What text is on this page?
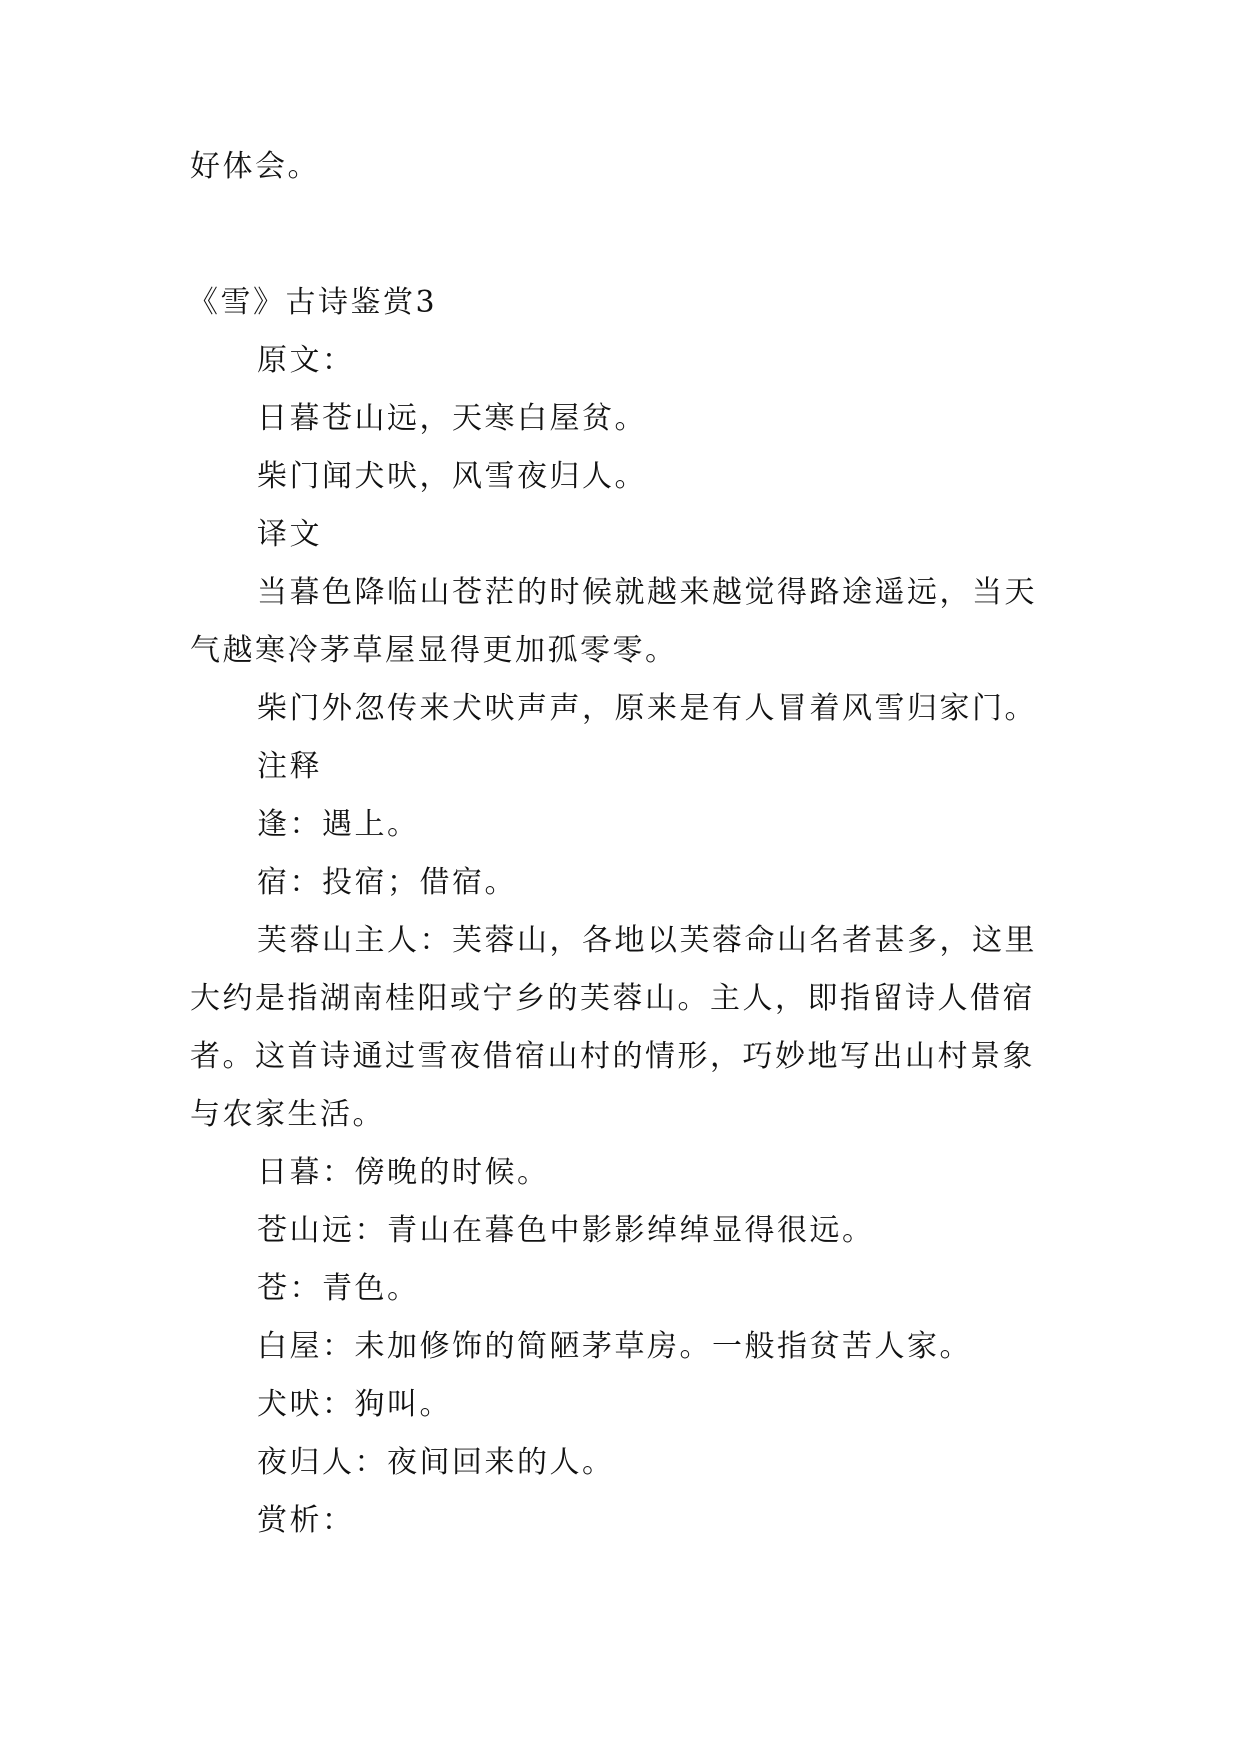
好体会。
《雪》古诗鉴赏3
原文：
日暮苍山远，天寒白屋贫。
柴门闻犬吠，风雪夜归人。
译文
当暮色降临山苍茫的时候就越来越觉得路途遥远，当天
气越寒冷茅草屋显得更加孤零零。
柴门外忽传来犬吠声声，原来是有人冒着风雪归家门。
注释
逢：遇上。
宿：投宿；借宿。
芙蓉山主人：芙蓉山，各地以芙蓉命山名者甚多，这里
大约是指湖南桂阳或宁乡的芙蓉山。主人，即指留诗人借宿
者。这首诗通过雪夜借宿山村的情形，巧妙地写出山村景象
与农家生活。
日暮：傍晚的时候。
苍山远：青山在暮色中影影绰绰显得很远。
苍：青色。
白屋：未加修饰的简陋茅草房。一般指贫苦人家。
犬吠：狗叫。
夜归人：夜间回来的人。
赏析：
